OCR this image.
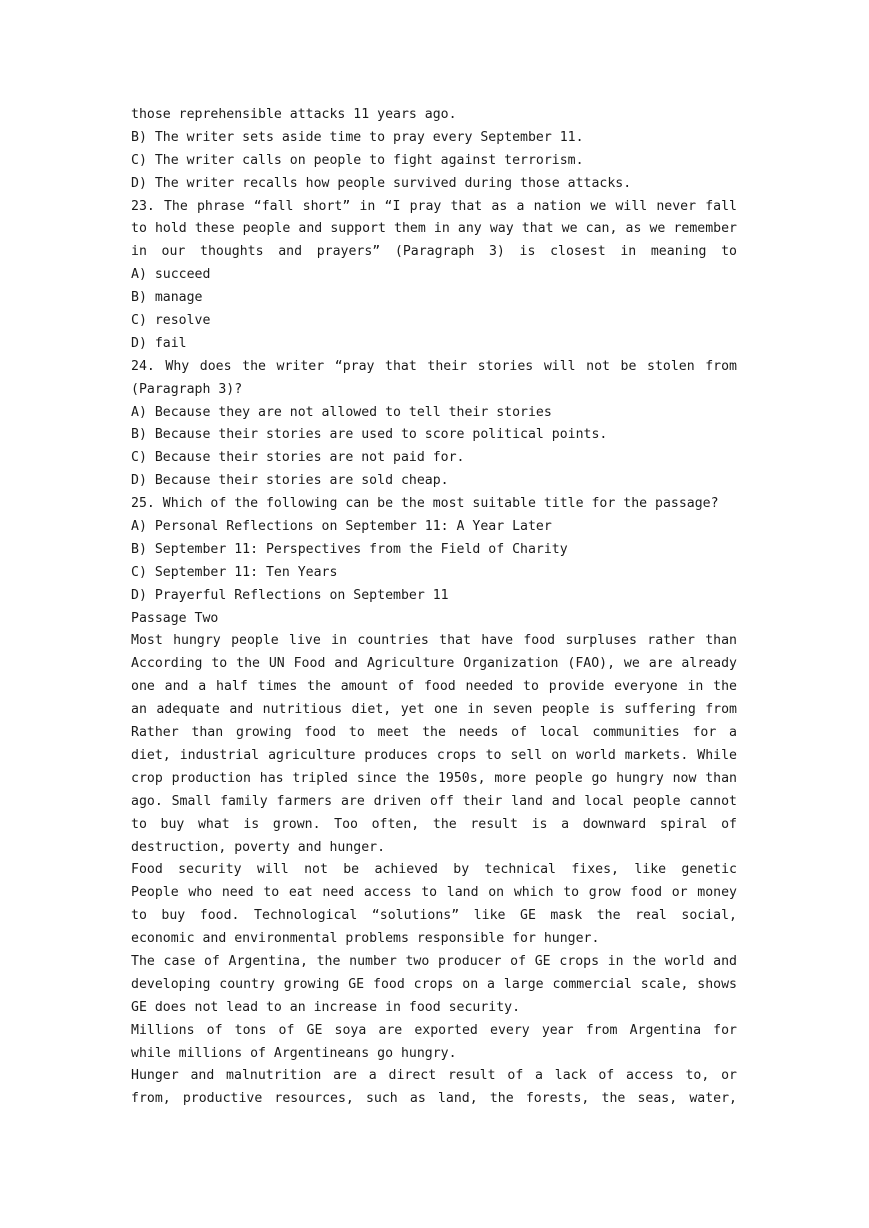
those reprehensible attacks 11 years ago.
B) The writer sets aside time to pray every September 11.
C) The writer calls on people to fight against terrorism.
D) The writer recalls how people survived during those attacks.
23. The phrase “fall short” in “I pray that as a nation we will never fall
to hold these people and support them in any way that we can, as we remember
in our thoughts and prayers” (Paragraph 3) is closest in meaning to
A) succeed
B) manage
C) resolve
D) fail
24. Why does the writer “pray that their stories will not be stolen from
(Paragraph 3)?
A) Because they are not allowed to tell their stories
B) Because their stories are used to score political points.
C) Because their stories are not paid for.
D) Because their stories are sold cheap.
25. Which of the following can be the most suitable title for the passage?
A) Personal Reflections on September 11: A Year Later
B) September 11: Perspectives from the Field of Charity
C) September 11: Ten Years
D) Prayerful Reflections on September 11
Passage Two
Most hungry people live in countries that have food surpluses rather than
According to the UN Food and Agriculture Organization (FAO), we are already
one and a half times the amount of food needed to provide everyone in the
an adequate and nutritious diet, yet one in seven people is suffering from
Rather than growing food to meet the needs of local communities for a
diet, industrial agriculture produces crops to sell on world markets. While
crop production has tripled since the 1950s, more people go hungry now than
ago. Small family farmers are driven off their land and local people cannot
to buy what is grown. Too often, the result is a downward spiral of
destruction, poverty and hunger.
Food security will not be achieved by technical fixes, like genetic
People who need to eat need access to land on which to grow food or money
to buy food. Technological “solutions” like GE mask the real social,
economic and environmental problems responsible for hunger.
The case of Argentina, the number two producer of GE crops in the world and
developing country growing GE food crops on a large commercial scale, shows
GE does not lead to an increase in food security.
Millions of tons of GE soya are exported every year from Argentina for
while millions of Argentineans go hungry.
Hunger and malnutrition are a direct result of a lack of access to, or
from, productive resources, such as land, the forests, the seas, water,
